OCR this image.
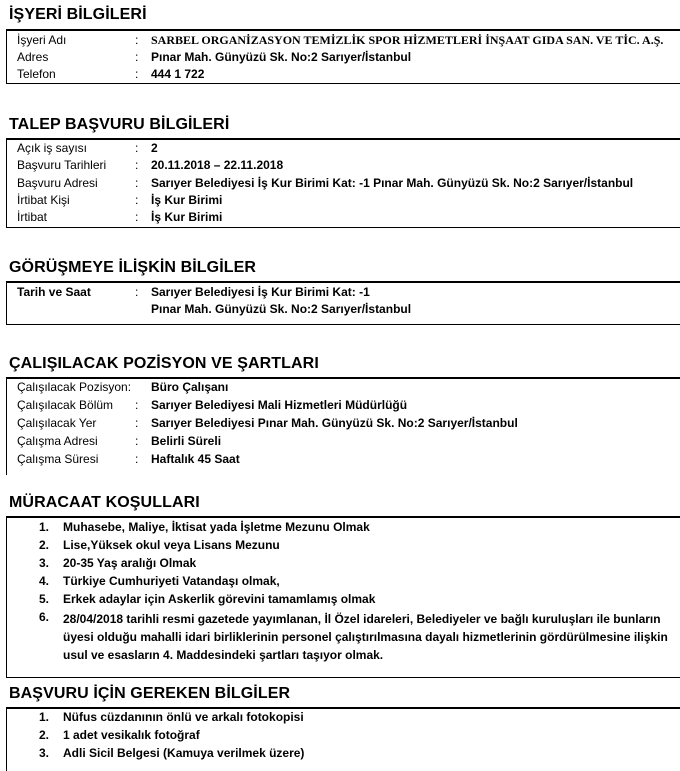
İŞYERİ BİLGİLERİ
İşyeri Adı	: SARBEL ORGANİZASYON TEMİZLİK SPOR HİZMETLERİ İNŞAAT GIDA SAN. VE TİC. A.Ş.
Adres	: Pınar Mah. Günyüzü Sk. No:2 Sarıyer/İstanbul
Telefon	: 444 1 722
TALEP BAŞVURU BİLGİLERİ
Açık iş sayısı	: 2
Başvuru Tarihleri : 20.11.2018 – 22.11.2018
Başvuru Adresi	: Sarıyer Belediyesi İş Kur Birimi Kat: -1 Pınar Mah. Günyüzü Sk. No:2 Sarıyer/İstanbul
İrtibat Kişi	: İş Kur Birimi
İrtibat	: İş Kur Birimi
GÖRÜŞMEYE İLİŞKİN BİLGİLER
Tarih ve Saat	: Sarıyer Belediyesi İş Kur Birimi Kat: -1
Pınar Mah. Günyüzü Sk. No:2 Sarıyer/İstanbul
ÇALIŞILACAK POZİSYON VE ŞARTLARI
Çalışılacak Pozisyon: Büro Çalışanı
Çalışılacak Bölüm : Sarıyer Belediyesi Mali Hizmetleri Müdürlüğü
Çalışılacak Yer	: Sarıyer Belediyesi Pınar Mah. Günyüzü Sk. No:2 Sarıyer/İstanbul
Çalışma Adresi	: Belirli Süreli
Çalışma Süresi	: Haftalık 45 Saat
MÜRACAAT KOŞULLARI
1.	Muhasebe, Maliye, İktisat yada İşletme Mezunu Olmak
2.	Lise,Yüksek okul veya Lisans Mezunu
3.	20-35 Yaş aralığı Olmak
4.	Türkiye Cumhuriyeti Vatandaşı olmak,
5.	Erkek adaylar için Askerlik görevini tamamlamış olmak
6.	28/04/2018 tarihli resmi gazetede yayımlanan, İl Özel idareleri, Belediyeler ve bağlı kuruluşları ile bunların üyesi olduğu mahalli idari birliklerinin personel çalıştırılmasına dayalı hizmetlerinin gördürülmesine ilişkin usul ve esasların 4. Maddesindeki şartları taşıyor olmak.
BAŞVURU İÇİN GEREKEN BİLGİLER
1.	Nüfus cüzdanının önlü ve arkalı fotokopisi
2.	1 adet vesikalık fotoğraf
3.	Adli Sicil Belgesi (Kamuya verilmek üzere)
